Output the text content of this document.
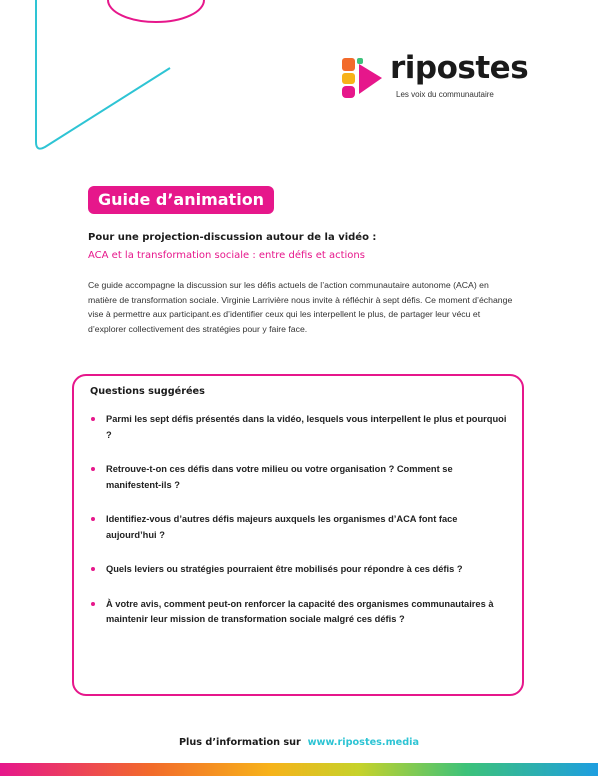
ripostes
Les voix du communautaire
Guide d’animation
Pour une projection-discussion autour de la vidéo :
ACA et la transformation sociale : entre défis et actions
Ce guide accompagne la discussion sur les défis actuels de l’action communautaire autonome (ACA) en matière de transformation sociale. Virginie Larrivière nous invite à réfléchir à sept défis. Ce moment d’échange vise à permettre aux participant.es d’identifier ceux qui les interpellent le plus, de partager leur vécu et d’explorer collectivement des stratégies pour y faire face.
Questions suggérées
Parmi les sept défis présentés dans la vidéo, lesquels vous interpellent le plus et pourquoi ?
Retrouve-t-on ces défis dans votre milieu ou votre organisation ? Comment se manifestent-ils ?
Identifiez-vous d’autres défis majeurs auxquels les organismes d’ACA font face aujourd’hui ?
Quels leviers ou stratégies pourraient être mobilisés pour répondre à ces défis ?
À votre avis, comment peut-on renforcer la capacité des organismes communautaires à maintenir leur mission de transformation sociale malgré ces défis ?
Plus d’information sur www.ripostes.media
